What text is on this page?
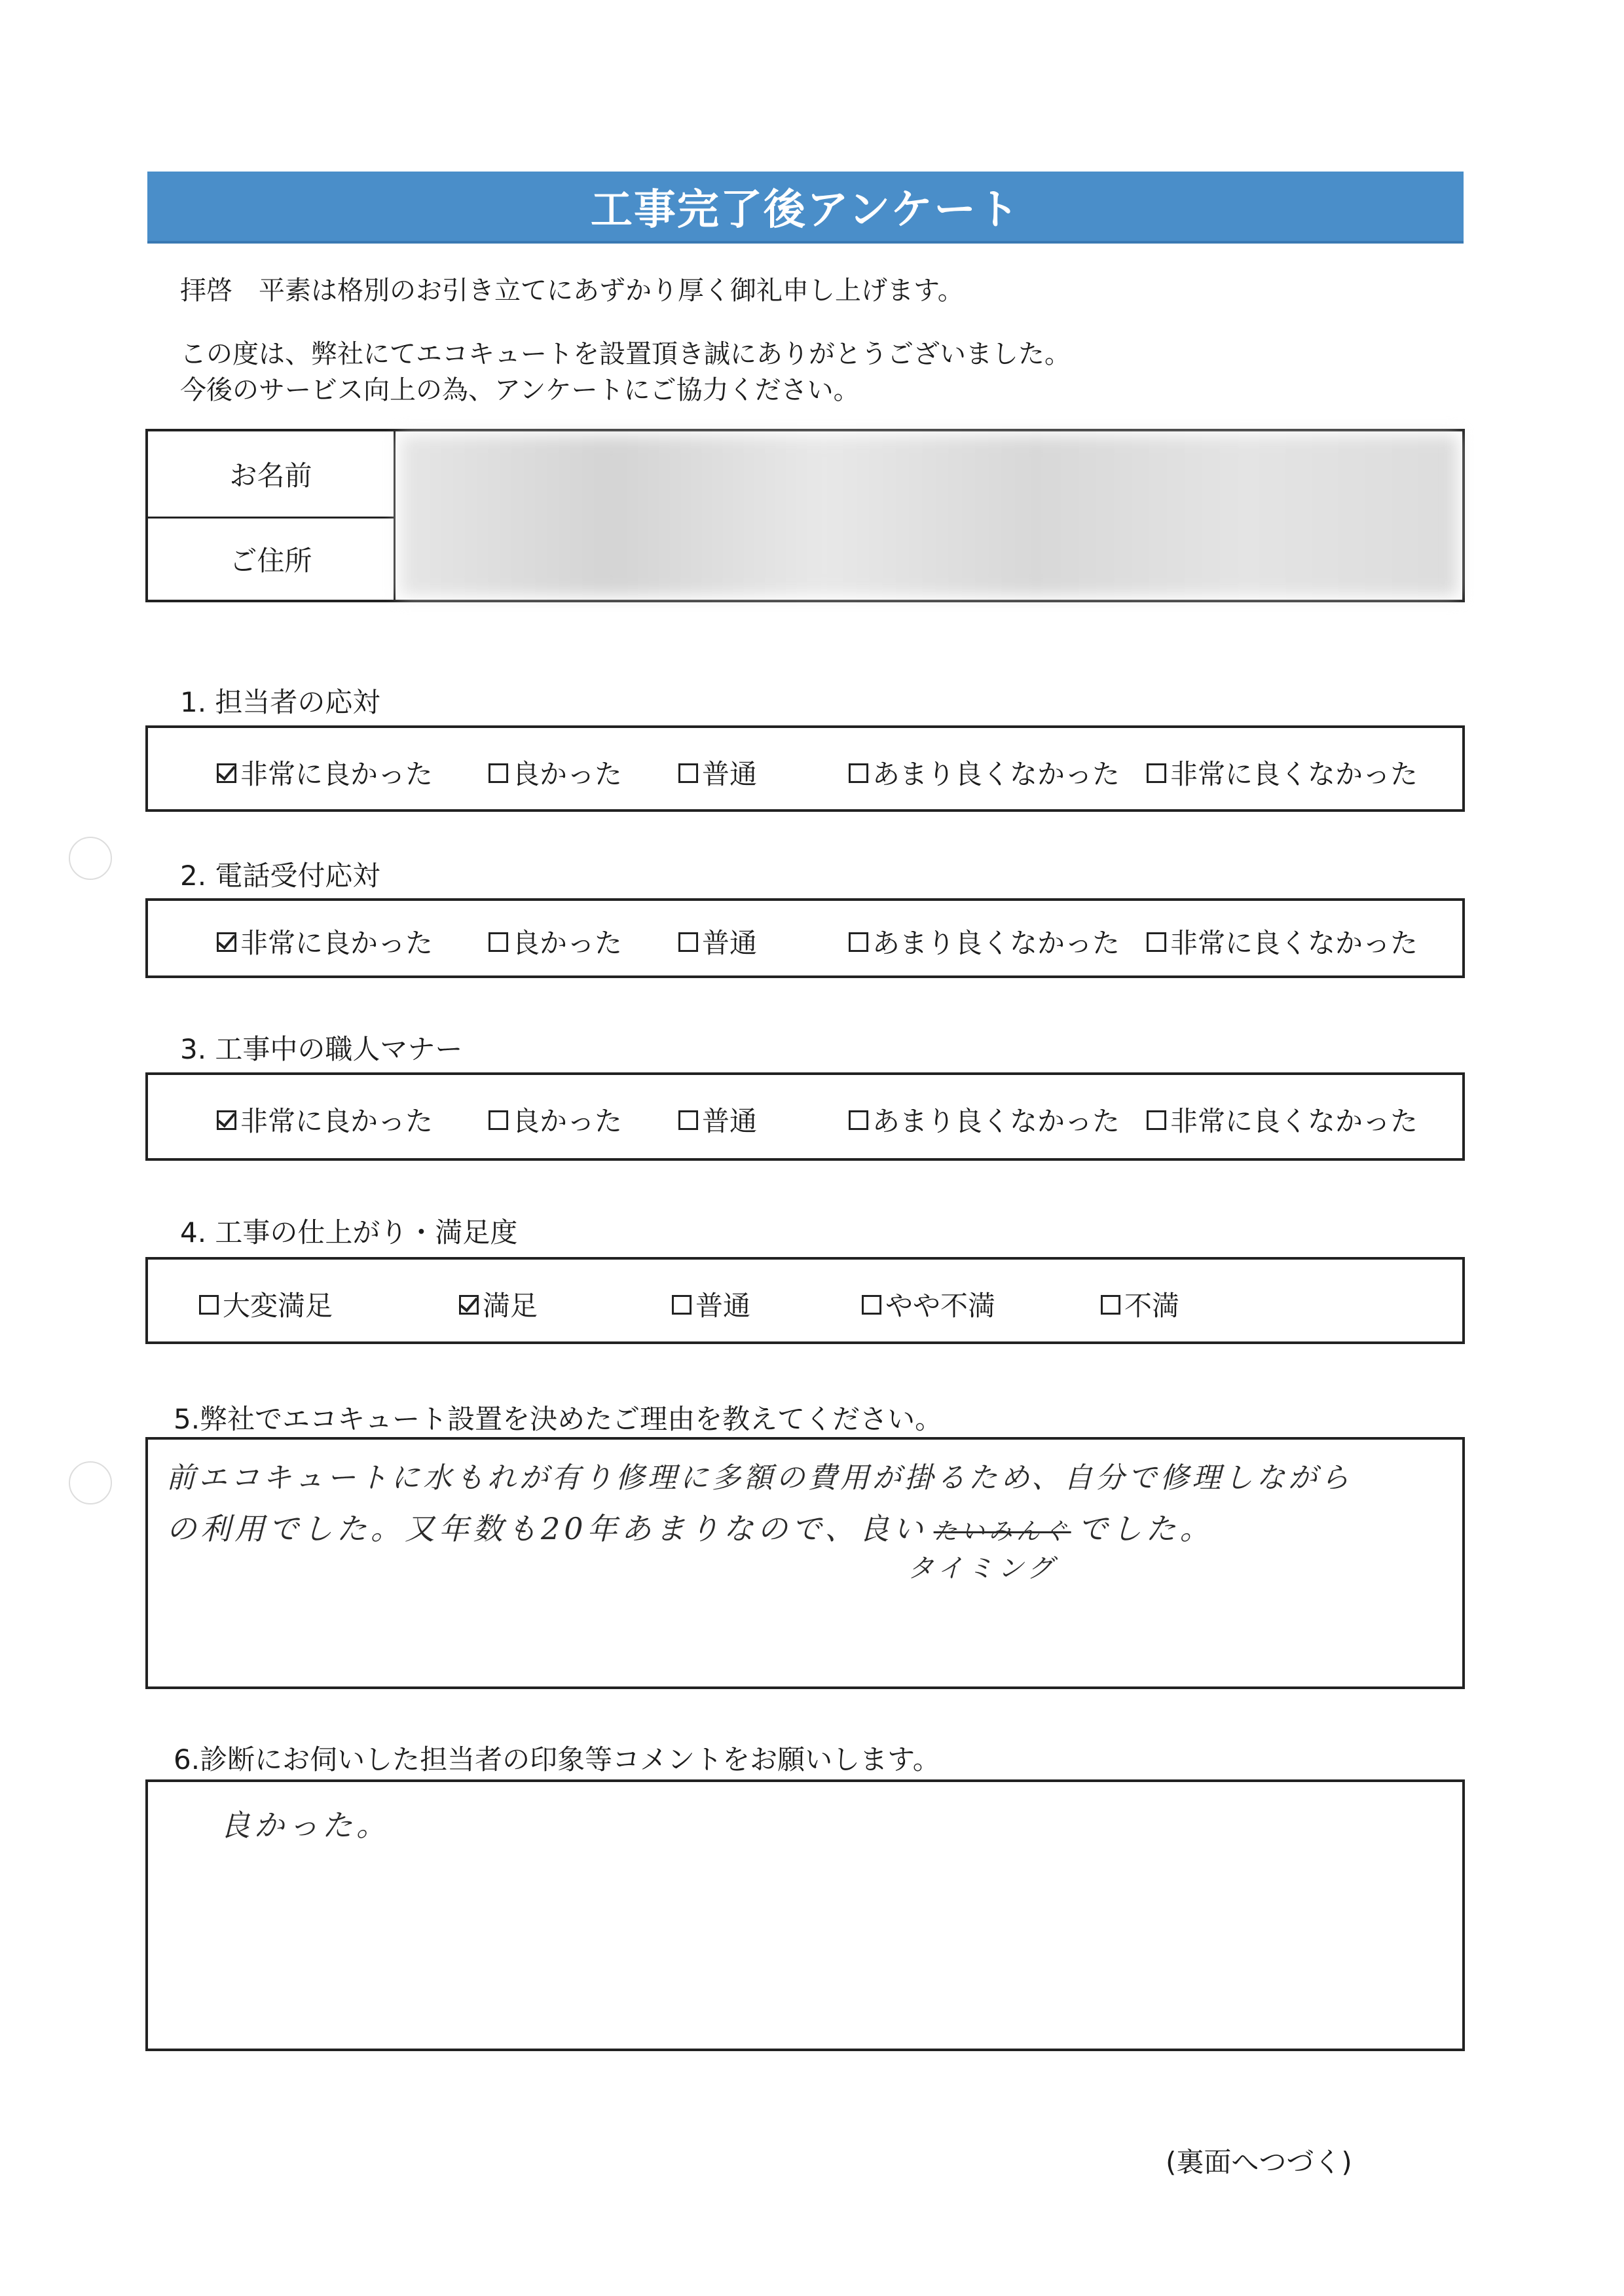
工事完了後アンケート
拝啓　平素は格別のお引き立てにあずかり厚く御礼申し上げます。
この度は、弊社にてエコキュートを設置頂き誠にありがとうございました。
今後のサービス向上の為、アンケートにご協力ください。
お名前
ご住所
1. 担当者の応対
非常に良かった	良かった	普通	あまり良くなかった 非常に良くなかった
2. 電話受付応対
非常に良かった	良かった	普通	あまり良くなかった 非常に良くなかった
3. 工事中の職人マナー
非常に良かった	良かった	普通	あまり良くなかった 非常に良くなかった
4. 工事の仕上がり・満足度
大変満足	満足	普通	やや不満	不満
5.弊社でエコキュート設置を決めたご理由を教えてください。
前エコキュートに水もれが有り修理に多額の費用が掛るため、自分で修理しながら
の利用でした。又年数も20年あまりなので、良い たいみんぐ でした。
タイミング
6.診断にお伺いした担当者の印象等コメントをお願いします。
良かった。
(裏面へつづく)
